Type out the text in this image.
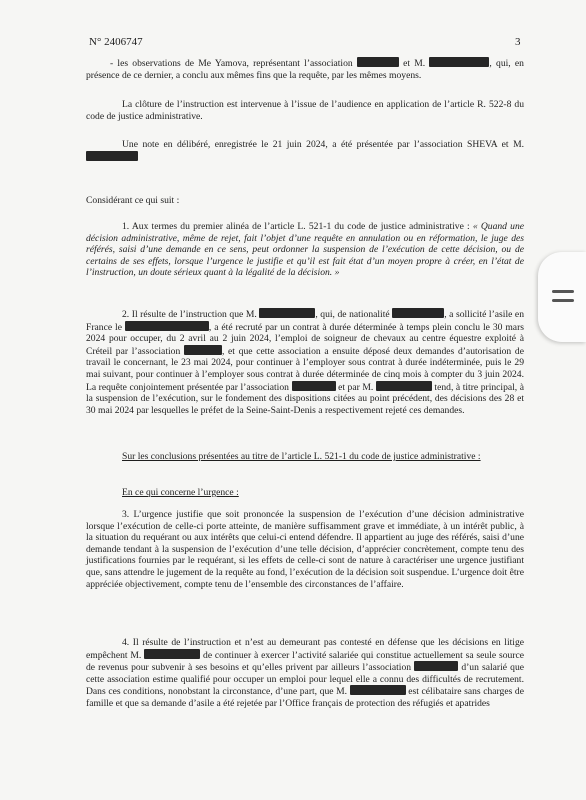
N° 2406747	3
- les observations de Me Yamova, représentant l’association	et M.	, qui, en présence de ce dernier, a conclu aux mêmes fins que la requête, par les mêmes moyens.
La clôture de l’instruction est intervenue à l’issue de l’audience en application de l’article R. 522-8 du code de justice administrative.
Une note en délibéré, enregistrée le 21 juin 2024, a été présentée par l’association SHEVA et M.
Considérant ce qui suit :
1. Aux termes du premier alinéa de l’article L. 521-1 du code de justice administrative : « Quand une décision administrative, même de rejet, fait l’objet d’une requête en annulation ou en réformation, le juge des référés, saisi d’une demande en ce sens, peut ordonner la suspension de l’exécution de cette décision, ou de certains de ses effets, lorsque l’urgence le justifie et qu’il est fait état d’un moyen propre à créer, en l’état de l’instruction, un doute sérieux quant à la légalité de la décision. »
2. Il résulte de l’instruction que M.	, qui, de nationalité	, a sollicité l’asile en France le	, a été recruté par un contrat à durée déterminée à temps plein conclu le 30 mars 2024 pour occuper, du 2 avril au 2 juin 2024, l’emploi de soigneur de chevaux au centre équestre exploité à Créteil par l’association	, et que cette association a ensuite déposé deux demandes d’autorisation de travail le concernant, le 23 mai 2024, pour continuer à l’employer sous contrat à durée indéterminée, puis le 29 mai suivant, pour continuer à l’employer sous contrat à durée déterminée de cinq mois à compter du 3 juin 2024. La requête conjointement présentée par l’association	et par M.	tend, à titre principal, à la suspension de l’exécution, sur le fondement des dispositions citées au point précédent, des décisions des 28 et 30 mai 2024 par lesquelles le préfet de la Seine-Saint-Denis a respectivement rejeté ces demandes.
Sur les conclusions présentées au titre de l’article L. 521-1 du code de justice administrative :
En ce qui concerne l’urgence :
3. L’urgence justifie que soit prononcée la suspension de l’exécution d’une décision administrative lorsque l’exécution de celle-ci porte atteinte, de manière suffisamment grave et immédiate, à un intérêt public, à la situation du requérant ou aux intérêts que celui-ci entend défendre. Il appartient au juge des référés, saisi d’une demande tendant à la suspension de l’exécution d’une telle décision, d’apprécier concrètement, compte tenu des justifications fournies par le requérant, si les effets de celle-ci sont de nature à caractériser une urgence justifiant que, sans attendre le jugement de la requête au fond, l’exécution de la décision soit suspendue. L’urgence doit être appréciée objectivement, compte tenu de l’ensemble des circonstances de l’affaire.
4. Il résulte de l’instruction et n’est au demeurant pas contesté en défense que les décisions en litige empêchent M.	de continuer à exercer l’activité salariée qui constitue actuellement sa seule source de revenus pour subvenir à ses besoins et qu’elles privent par ailleurs l’association	d’un salarié que cette association estime qualifié pour occuper un emploi pour lequel elle a connu des difficultés de recrutement. Dans ces conditions, nonobstant la circonstance, d’une part, que M.	est célibataire sans charges de famille et que sa demande d’asile a été rejetée par l’Office français de protection des réfugiés et apatrides
